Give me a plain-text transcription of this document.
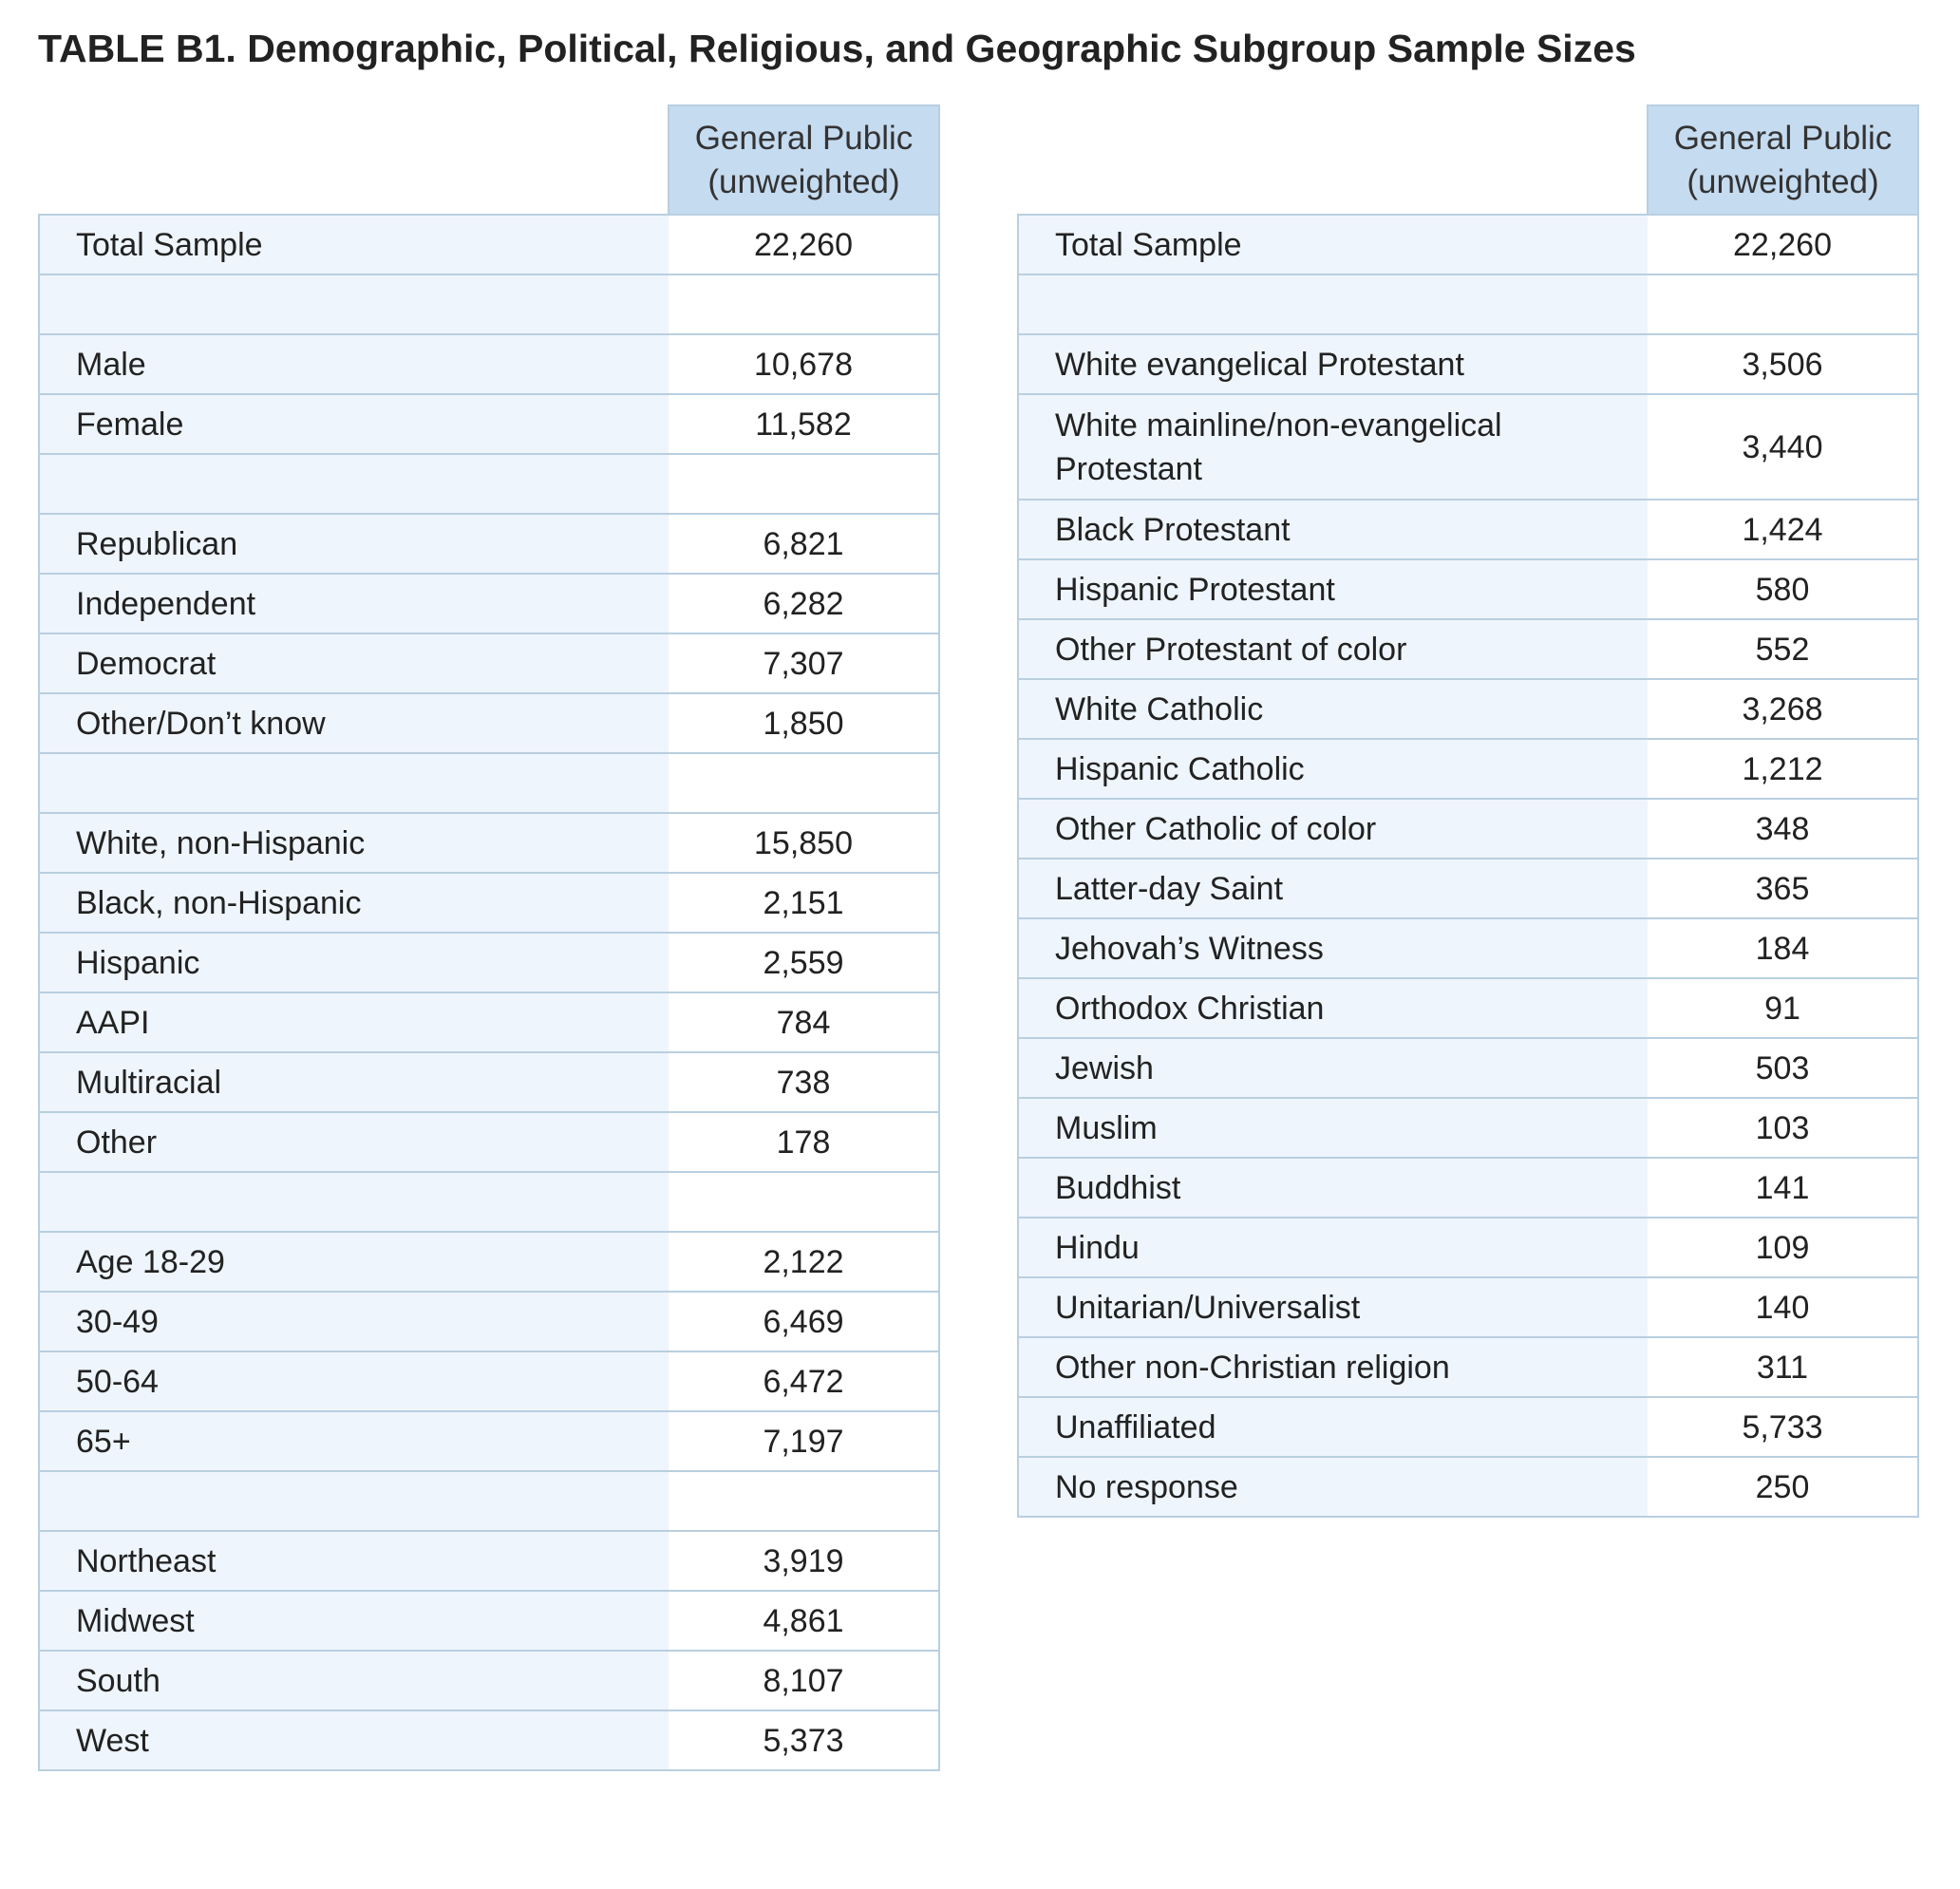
TABLE B1. Demographic, Political, Religious, and Geographic Subgroup Sample Sizes
	General Public
(unweighted)
Total Sample	22,260

Male	10,678
Female	11,582

Republican	6,821
Independent	6,282
Democrat	7,307
Other/Don’t know	1,850

White, non-Hispanic	15,850
Black, non-Hispanic	2,151
Hispanic	2,559
AAPI	784
Multiracial	738
Other	178

Age 18-29	2,122
30-49	6,469
50-64	6,472
65+	7,197

Northeast	3,919
Midwest	4,861
South	8,107
West	5,373
	General Public
(unweighted)
Total Sample	22,260

White evangelical Protestant	3,506
White mainline/non-evangelical
Protestant	3,440
Black Protestant	1,424
Hispanic Protestant	580
Other Protestant of color	552
White Catholic	3,268
Hispanic Catholic	1,212
Other Catholic of color	348
Latter-day Saint	365
Jehovah’s Witness	184
Orthodox Christian	91
Jewish	503
Muslim	103
Buddhist	141
Hindu	109
Unitarian/Universalist	140
Other non-Christian religion	311
Unaffiliated	5,733
No response	250
